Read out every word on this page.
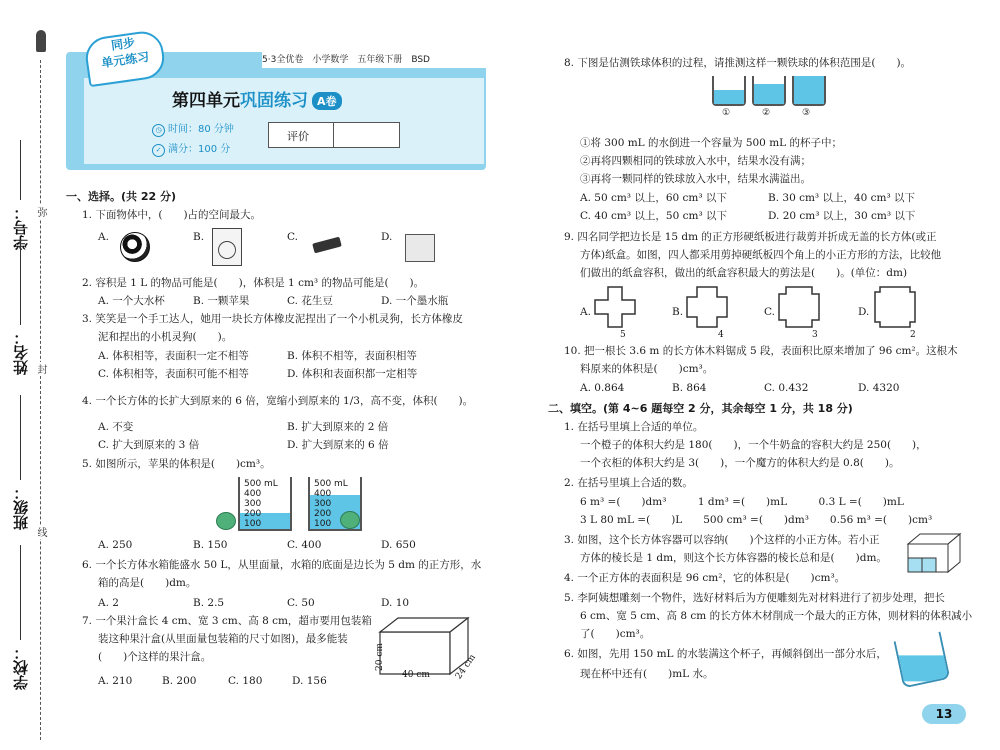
学号：
姓名：
班级：
学校：
弥
封
线
同步
单元练习	5·3全优卷　小学数学　五年级下册　BSD
第四单元巩固练习 A卷
◷ 时间：80 分钟
✓ 满分：100 分
评价
一、选择。(共 22 分)
1. 下面物体中，(　　)占的空间最大。
A.	B.	C.	D.
2. 容积是 1 L 的物品可能是(　　)，体积是 1 cm³ 的物品可能是(　　)。
A. 一个大水杯	B. 一颗苹果	C. 花生豆	D. 一个墨水瓶
3. 笑笑是一个手工达人，她用一块长方体橡皮泥捏出了一个小机灵狗，长方体橡皮
泥和捏出的小机灵狗(　　)。
A. 体积相等，表面积一定不相等	B. 体积不相等，表面积相等
C. 体积相等，表面积可能不相等	D. 体积和表面积都一定相等
4. 一个长方体的长扩大到原来的 6 倍，宽缩小到原来的 1/3，高不变，体积(　　)。
A. 不变	B. 扩大到原来的 2 倍
C. 扩大到原来的 3 倍	D. 扩大到原来的 6 倍
5. 如图所示，苹果的体积是(　　)cm³。
500 mL
400
300
200
100
500 mL
400
300
200
100
A. 250	B. 150	C. 400	D. 650
6. 一个长方体水箱能盛水 50 L，从里面量，水箱的底面是边长为 5 dm 的正方形，水
箱的高是(　　)dm。
A. 2	B. 2.5	C. 50	D. 10
7. 一个果汁盒长 4 cm、宽 3 cm、高 8 cm，超市要用包装箱
装这种果汁盒(从里面量包装箱的尺寸如图)，最多能装
(　　)个这样的果汁盒。	20 cm
40 cm	24 cm
A. 210	B. 200	C. 180	D. 156
8. 下图是估测铁球体积的过程，请推测这样一颗铁球的体积范围是(　　)。
①	②	③
①将 300 mL 的水倒进一个容量为 500 mL 的杯子中；
②再将四颗相同的铁球放入水中，结果水没有满；
③再将一颗同样的铁球放入水中，结果水满溢出。
A. 50 cm³ 以上，60 cm³ 以下	B. 30 cm³ 以上，40 cm³ 以下
C. 40 cm³ 以上，50 cm³ 以下	D. 20 cm³ 以上，30 cm³ 以下
9. 四名同学把边长是 15 dm 的正方形硬纸板进行裁剪并折成无盖的长方体(或正
方体)纸盒。如图，四人都采用剪掉硬纸板四个角上的小正方形的方法，比较他
们做出的纸盒容积，做出的纸盒容积最大的剪法是(　　)。(单位：dm)
A.
5
B.
4
C.
3
D.
2
10. 把一根长 3.6 m 的长方体木料锯成 5 段，表面积比原来增加了 96 cm²。这根木
料原来的体积是(　　)cm³。
A. 0.864	B. 864	C. 0.432	D. 4320
二、填空。(第 4~6 题每空 2 分，其余每空 1 分，共 18 分)
1. 在括号里填上合适的单位。
一个橙子的体积大约是 180(　　)，一个牛奶盒的容积大约是 250(　　)，
一个衣柜的体积大约是 3(　　)，一个魔方的体积大约是 0.8(　　)。
2. 在括号里填上合适的数。
6 m³ =(　　)dm³　　　1 dm³ =(　　)mL　　　0.3 L =(　　)mL
3 L 80 mL =(　　)L　　500 cm³ =(　　)dm³　　0.56 m³ =(　　)cm³
3. 如图，这个长方体容器可以容纳(　　)个这样的小正方体。若小正
方体的棱长是 1 dm，则这个长方体容器的棱长总和是(　　)dm。
4. 一个正方体的表面积是 96 cm²，它的体积是(　　)cm³。
5. 李阿姨想雕刻一个物件，选好材料后为方便雕刻先对材料进行了初步处理，把长
6 cm、宽 5 cm、高 8 cm 的长方体木材削成一个最大的正方体，则材料的体积减小
了(　　)cm³。
6. 如图，先用 150 mL 的水装满这个杯子，再倾斜倒出一部分水后，
现在杯中还有(　　)mL 水。
13
